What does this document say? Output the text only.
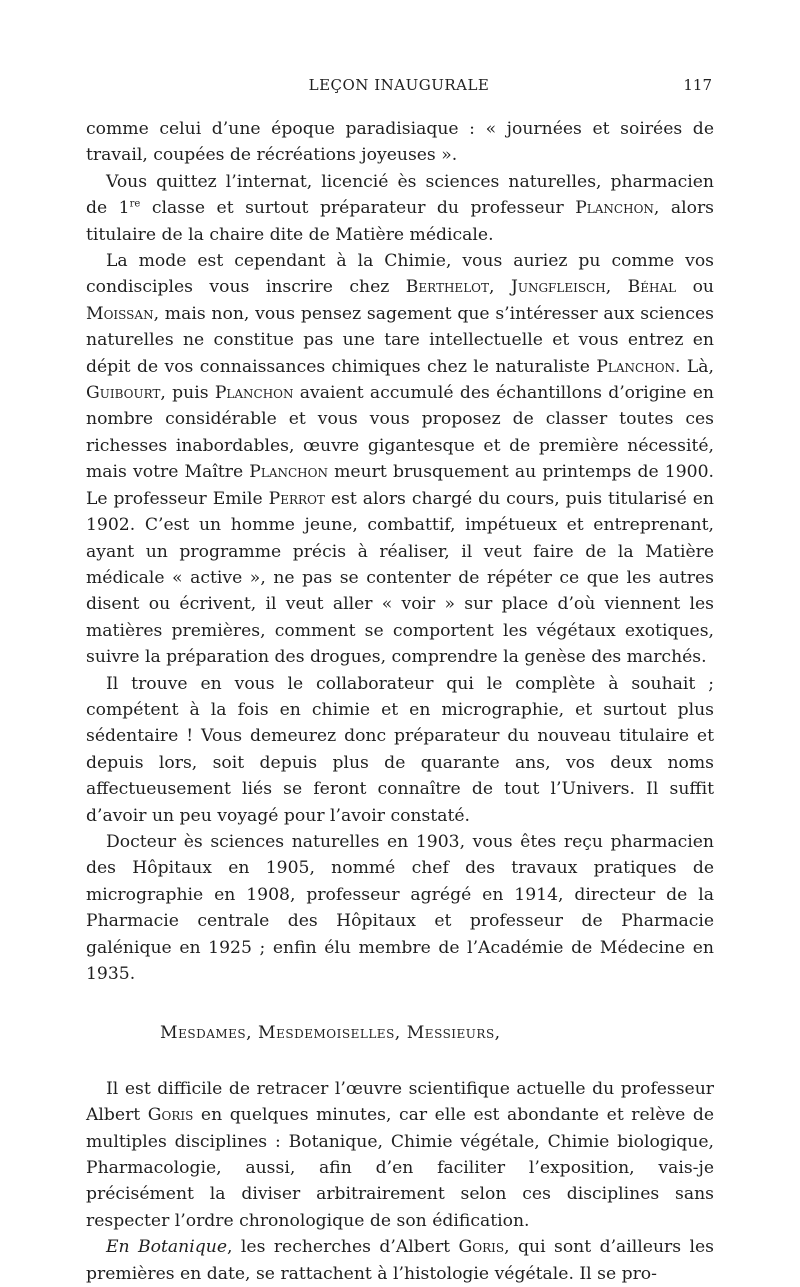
LEÇON INAUGURALE	117

comme celui d’une époque paradisiaque : « journées et soirées de travail, coupées de récréations joyeuses ».

Vous quittez l’internat, licencié ès sciences naturelles, pharmacien de 1re classe et surtout préparateur du professeur Planchon, alors titulaire de la chaire dite de Matière médicale.

La mode est cependant à la Chimie, vous auriez pu comme vos condisciples vous inscrire chez Berthelot, Jungfleisch, Béhal ou Moissan, mais non, vous pensez sagement que s’intéresser aux sciences naturelles ne constitue pas une tare intellectuelle et vous entrez en dépit de vos connaissances chimiques chez le naturaliste Planchon. Là, Guibourt, puis Planchon avaient accumulé des échantillons d’origine en nombre considérable et vous vous proposez de classer toutes ces richesses inabordables, œuvre gigantesque et de première nécessité, mais votre Maître Planchon meurt brusquement au printemps de 1900. Le professeur Emile Perrot est alors chargé du cours, puis titularisé en 1902. C’est un homme jeune, combattif, impétueux et entreprenant, ayant un programme précis à réaliser, il veut faire de la Matière médicale « active », ne pas se contenter de répéter ce que les autres disent ou écrivent, il veut aller « voir » sur place d’où viennent les matières premières, comment se comportent les végétaux exotiques, suivre la préparation des drogues, comprendre la genèse des marchés.

Il trouve en vous le collaborateur qui le complète à souhait ; compétent à la fois en chimie et en micrographie, et surtout plus sédentaire ! Vous demeurez donc préparateur du nouveau titulaire et depuis lors, soit depuis plus de quarante ans, vos deux noms affectueusement liés se feront connaître de tout l’Univers. Il suffit d’avoir un peu voyagé pour l’avoir constaté.

Docteur ès sciences naturelles en 1903, vous êtes reçu pharmacien des Hôpitaux en 1905, nommé chef des travaux pratiques de micrographie en 1908, professeur agrégé en 1914, directeur de la Pharmacie centrale des Hôpitaux et professeur de Pharmacie galénique en 1925 ; enfin élu membre de l’Académie de Médecine en 1935.

Mesdames, Mesdemoiselles, Messieurs,

Il est difficile de retracer l’œuvre scientifique actuelle du professeur Albert Goris en quelques minutes, car elle est abondante et relève de multiples disciplines : Botanique, Chimie végétale, Chimie biologique, Pharmacologie, aussi, afin d’en faciliter l’exposition, vais-je précisément la diviser arbitrairement selon ces disciplines sans respecter l’ordre chronologique de son édification.

En Botanique, les recherches d’Albert Goris, qui sont d’ailleurs les premières en date, se rattachent à l’histologie végétale. Il se pro-
